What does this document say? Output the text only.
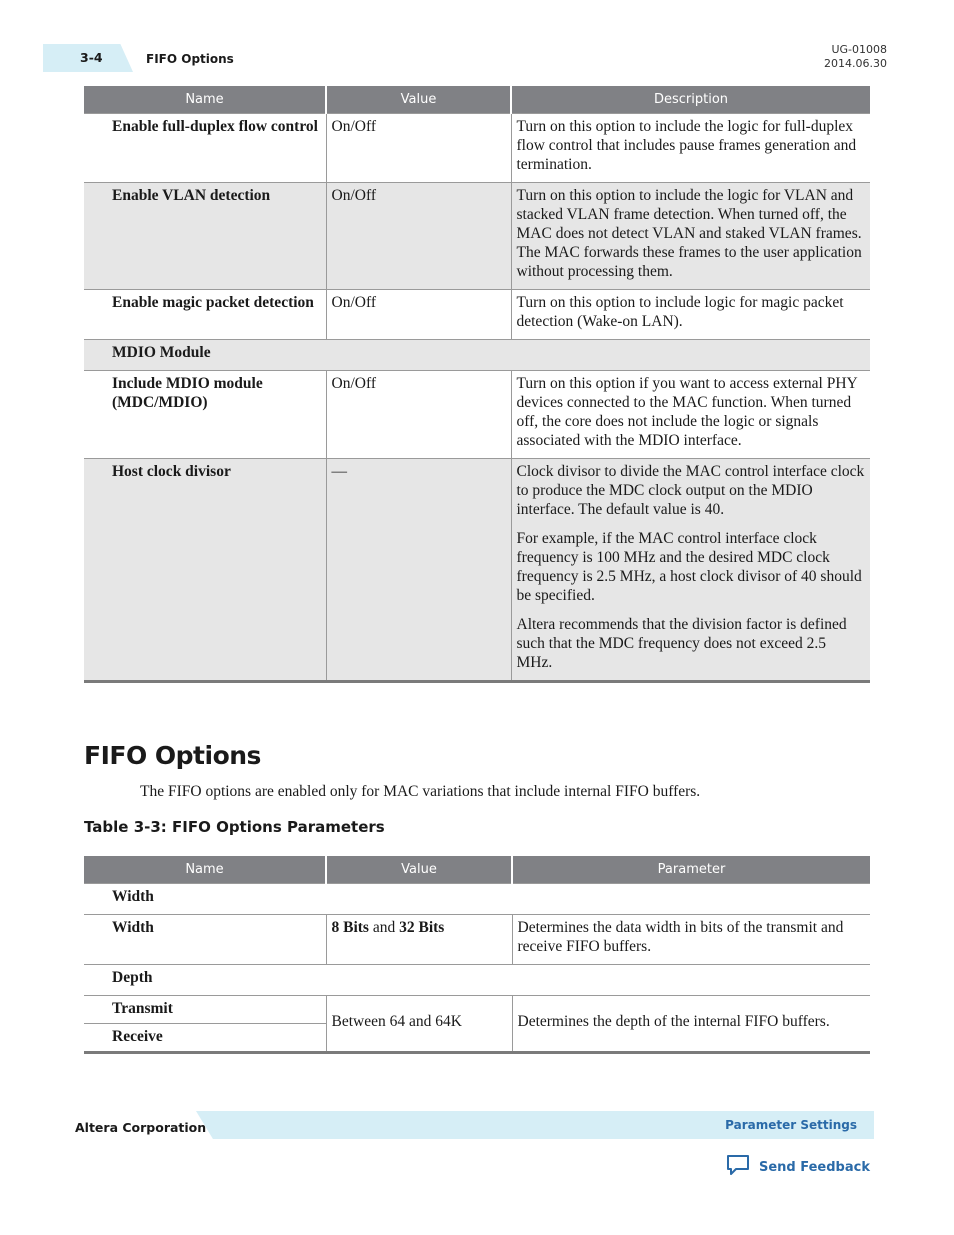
3-4	FIFO Options
UG-01008
2014.06.30
Name	Value	Description
Enable full-duplex flow control	On/Off	Turn on this option to include the logic for full-duplex flow control that includes pause frames generation and termination.

Enable VLAN detection	On/Off	Turn on this option to include the logic for VLAN and stacked VLAN frame detection. When turned off, the MAC does not detect VLAN and staked VLAN frames. The MAC forwards these frames to the user application without processing them.

Enable magic packet detection	On/Off	Turn on this option to include logic for magic packet detection (Wake-on LAN).

MDIO Module		
Include MDIO module (MDC/MDIO)	On/Off	Turn on this option if you want to access external PHY devices connected to the MAC function. When turned off, the core does not include the logic or signals associated with the MDIO interface.

Host clock divisor	—	Clock divisor to divide the MAC control interface clock to produce the MDC clock output on the MDIO interface. The default value is 40.

For example, if the MAC control interface clock frequency is 100 MHz and the desired MDC clock frequency is 2.5 MHz, a host clock divisor of 40 should be specified.

Altera recommends that the division factor is defined such that the MDC frequency does not exceed 2.5 MHz.

FIFO Options
The FIFO options are enabled only for MAC variations that include internal FIFO buffers.
Table 3-3: FIFO Options Parameters
Name	Value	Parameter
Width		
Width	8 Bits and 32 Bits	Determines the data width in bits of the transmit and receive FIFO buffers.
Depth		
Transmit	Between 64 and 64K	Determines the depth of the internal FIFO buffers.
Receive		
Altera Corporation	Parameter Settings
Send Feedback
